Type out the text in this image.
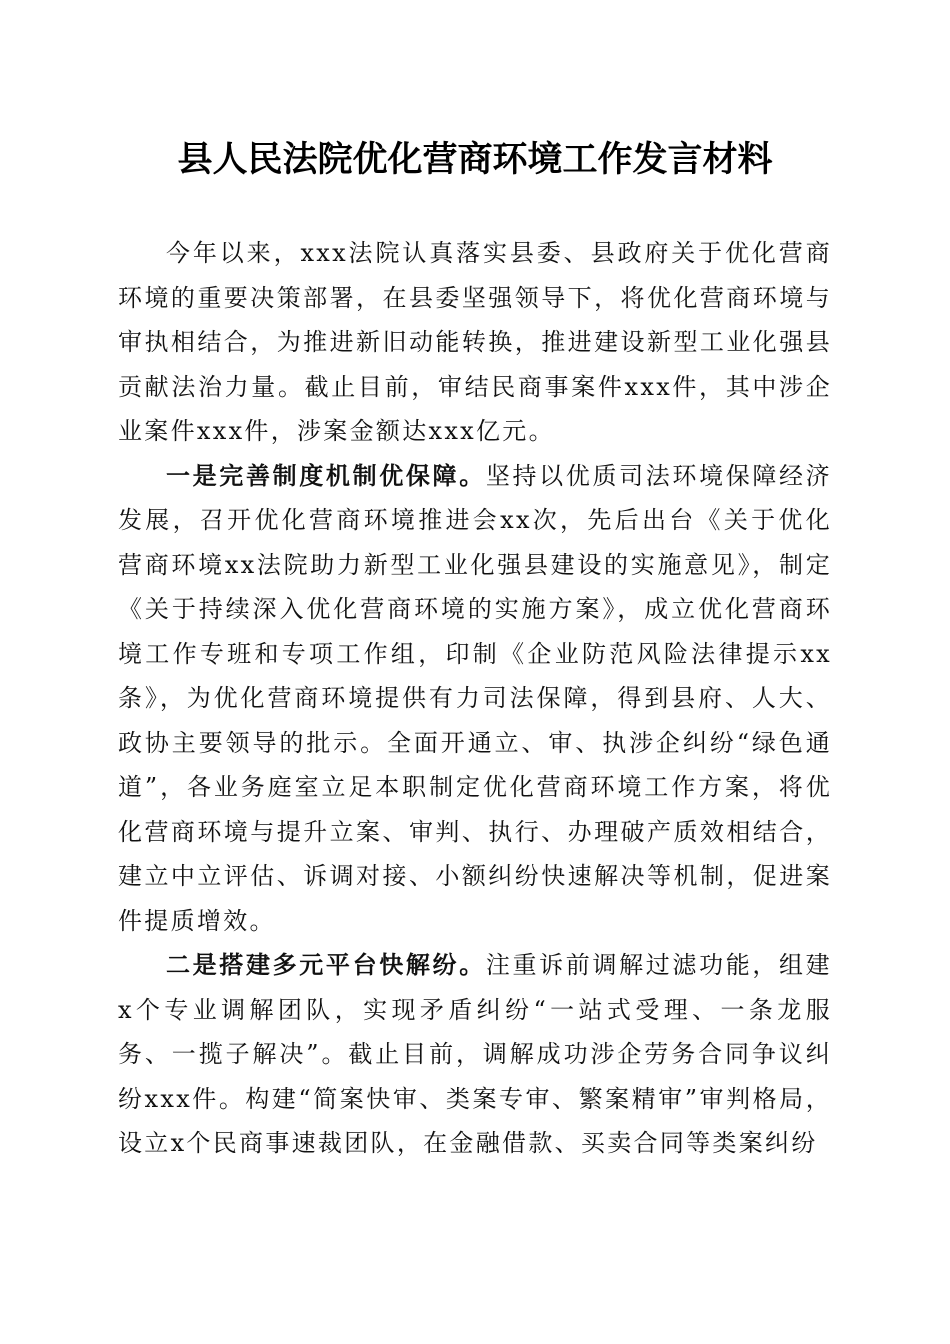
县人民法院优化营商环境工作发言材料

今年以来，xxx法院认真落实县委、县政府关于优化营商环境的重要决策部署，在县委坚强领导下，将优化营商环境与审执相结合，为推进新旧动能转换，推进建设新型工业化强县贡献法治力量。截止目前，审结民商事案件xxx件，其中涉企业案件xxx件，涉案金额达xxx亿元。

一是完善制度机制优保障。坚持以优质司法环境保障经济发展，召开优化营商环境推进会xx次，先后出台《关于优化营商环境xx法院助力新型工业化强县建设的实施意见》，制定《关于持续深入优化营商环境的实施方案》，成立优化营商环境工作专班和专项工作组，印制《企业防范风险法律提示xx条》，为优化营商环境提供有力司法保障，得到县府、人大、政协主要领导的批示。全面开通立、审、执涉企纠纷“绿色通道”，各业务庭室立足本职制定优化营商环境工作方案，将优化营商环境与提升立案、审判、执行、办理破产质效相结合，建立中立评估、诉调对接、小额纠纷快速解决等机制，促进案件提质增效。

二是搭建多元平台快解纷。注重诉前调解过滤功能，组建x个专业调解团队，实现矛盾纠纷“一站式受理、一条龙服务、一揽子解决”。截止目前，调解成功涉企劳务合同争议纠纷xxx件。构建“简案快审、类案专审、繁案精审”审判格局，设立x个民商事速裁团队，在金融借款、买卖合同等类案纠纷
